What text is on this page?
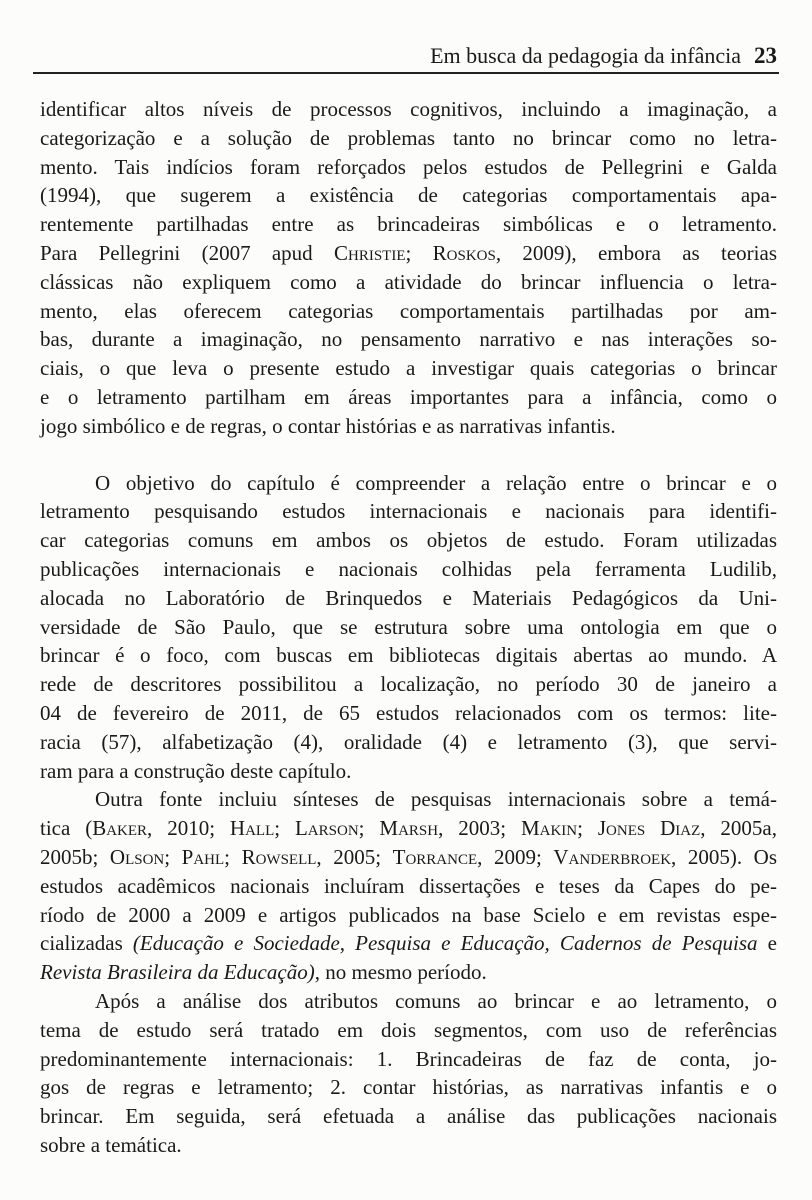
Em busca da pedagogia da infância 23
identificar altos níveis de processos cognitivos, incluindo a imaginação, a
categorização e a solução de problemas tanto no brincar como no letra-
mento. Tais indícios foram reforçados pelos estudos de Pellegrini e Galda
(1994), que sugerem a existência de categorias comportamentais apa-
rentemente partilhadas entre as brincadeiras simbólicas e o letramento.
Para Pellegrini (2007 apud Christie; Roskos, 2009), embora as teorias
clássicas não expliquem como a atividade do brincar influencia o letra-
mento, elas oferecem categorias comportamentais partilhadas por am-
bas, durante a imaginação, no pensamento narrativo e nas interações so-
ciais, o que leva o presente estudo a investigar quais categorias o brincar
e o letramento partilham em áreas importantes para a infância, como o
jogo simbólico e de regras, o contar histórias e as narrativas infantis.
O objetivo do capítulo é compreender a relação entre o brincar e o
letramento pesquisando estudos internacionais e nacionais para identifi-
car categorias comuns em ambos os objetos de estudo. Foram utilizadas
publicações internacionais e nacionais colhidas pela ferramenta Ludilib,
alocada no Laboratório de Brinquedos e Materiais Pedagógicos da Uni-
versidade de São Paulo, que se estrutura sobre uma ontologia em que o
brincar é o foco, com buscas em bibliotecas digitais abertas ao mundo. A
rede de descritores possibilitou a localização, no período 30 de janeiro a
04 de fevereiro de 2011, de 65 estudos relacionados com os termos: lite-
racia (57), alfabetização (4), oralidade (4) e letramento (3), que servi-
ram para a construção deste capítulo.
Outra fonte incluiu sínteses de pesquisas internacionais sobre a temá-
tica (Baker, 2010; Hall; Larson; Marsh, 2003; Makin; Jones Diaz, 2005a,
2005b; Olson; Pahl; Rowsell, 2005; Torrance, 2009; Vanderbroek, 2005). Os
estudos acadêmicos nacionais incluíram dissertações e teses da Capes do pe-
ríodo de 2000 a 2009 e artigos publicados na base Scielo e em revistas espe-
cializadas (Educação e Sociedade, Pesquisa e Educação, Cadernos de Pesquisa e
Revista Brasileira da Educação), no mesmo período.
Após a análise dos atributos comuns ao brincar e ao letramento, o
tema de estudo será tratado em dois segmentos, com uso de referências
predominantemente internacionais: 1. Brincadeiras de faz de conta, jo-
gos de regras e letramento; 2. contar histórias, as narrativas infantis e o
brincar. Em seguida, será efetuada a análise das publicações nacionais
sobre a temática.
